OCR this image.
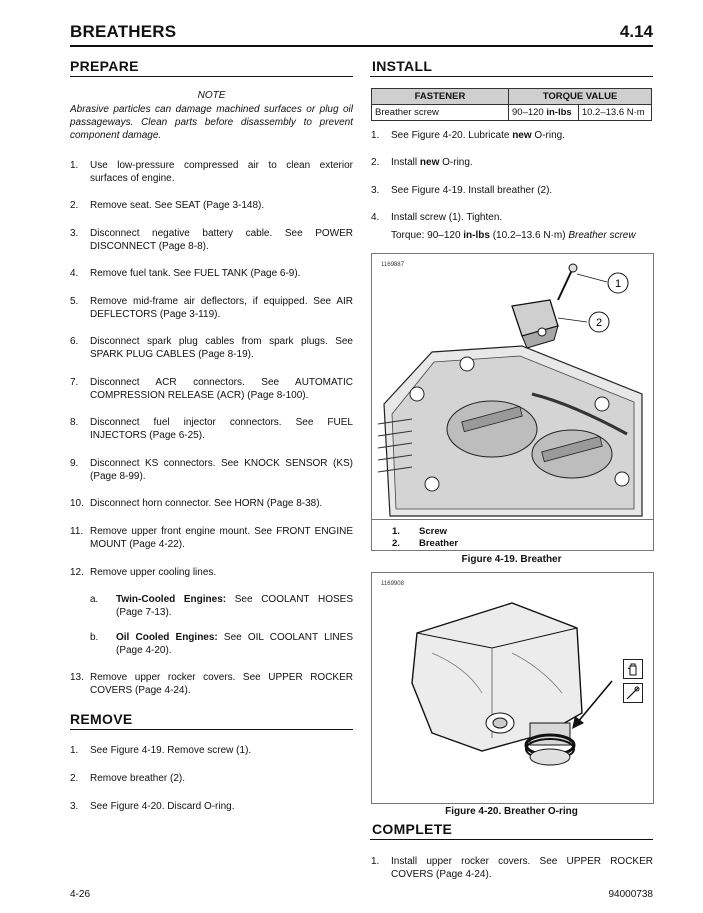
BREATHERS	4.14
PREPARE
NOTE
Abrasive particles can damage machined surfaces or plug oil passageways. Clean parts before disassembly to prevent component damage.
1. Use low-pressure compressed air to clean exterior surfaces of engine.
2. Remove seat. See SEAT (Page 3-148).
3. Disconnect negative battery cable. See POWER DISCONNECT (Page 8-8).
4. Remove fuel tank. See FUEL TANK (Page 6-9).
5. Remove mid-frame air deflectors, if equipped. See AIR DEFLECTORS (Page 3-119).
6. Disconnect spark plug cables from spark plugs. See SPARK PLUG CABLES (Page 8-19).
7. Disconnect ACR connectors. See AUTOMATIC COMPRESSION RELEASE (ACR) (Page 8-100).
8. Disconnect fuel injector connectors. See FUEL INJECTORS (Page 6-25).
9. Disconnect KS connectors. See KNOCK SENSOR (KS) (Page 8-99).
10. Disconnect horn connector. See HORN (Page 8-38).
11. Remove upper front engine mount. See FRONT ENGINE MOUNT (Page 4-22).
12. Remove upper cooling lines.
a. Twin-Cooled Engines: See COOLANT HOSES (Page 7-13).
b. Oil Cooled Engines: See OIL COOLANT LINES (Page 4-20).
13. Remove upper rocker covers. See UPPER ROCKER COVERS (Page 4-24).
REMOVE
1. See Figure 4-19. Remove screw (1).
2. Remove breather (2).
3. See Figure 4-20. Discard O-ring.
INSTALL
FASTENER	TORQUE VALUE	
Breather screw	90–120 in-lbs	10.2–13.6 N·m
1. See Figure 4-20. Lubricate new O-ring.
2. Install new O-ring.
3. See Figure 4-19. Install breather (2).
4. Install screw (1). Tighten.
Torque: 90–120 in-lbs (10.2–13.6 N·m) Breather screw
1169887
1
2
1. Screw
2. Breather
Figure 4-19. Breather
1169908
Figure 4-20. Breather O-ring
COMPLETE
1. Install upper rocker covers. See UPPER ROCKER COVERS (Page 4-24).
4-26	94000738
